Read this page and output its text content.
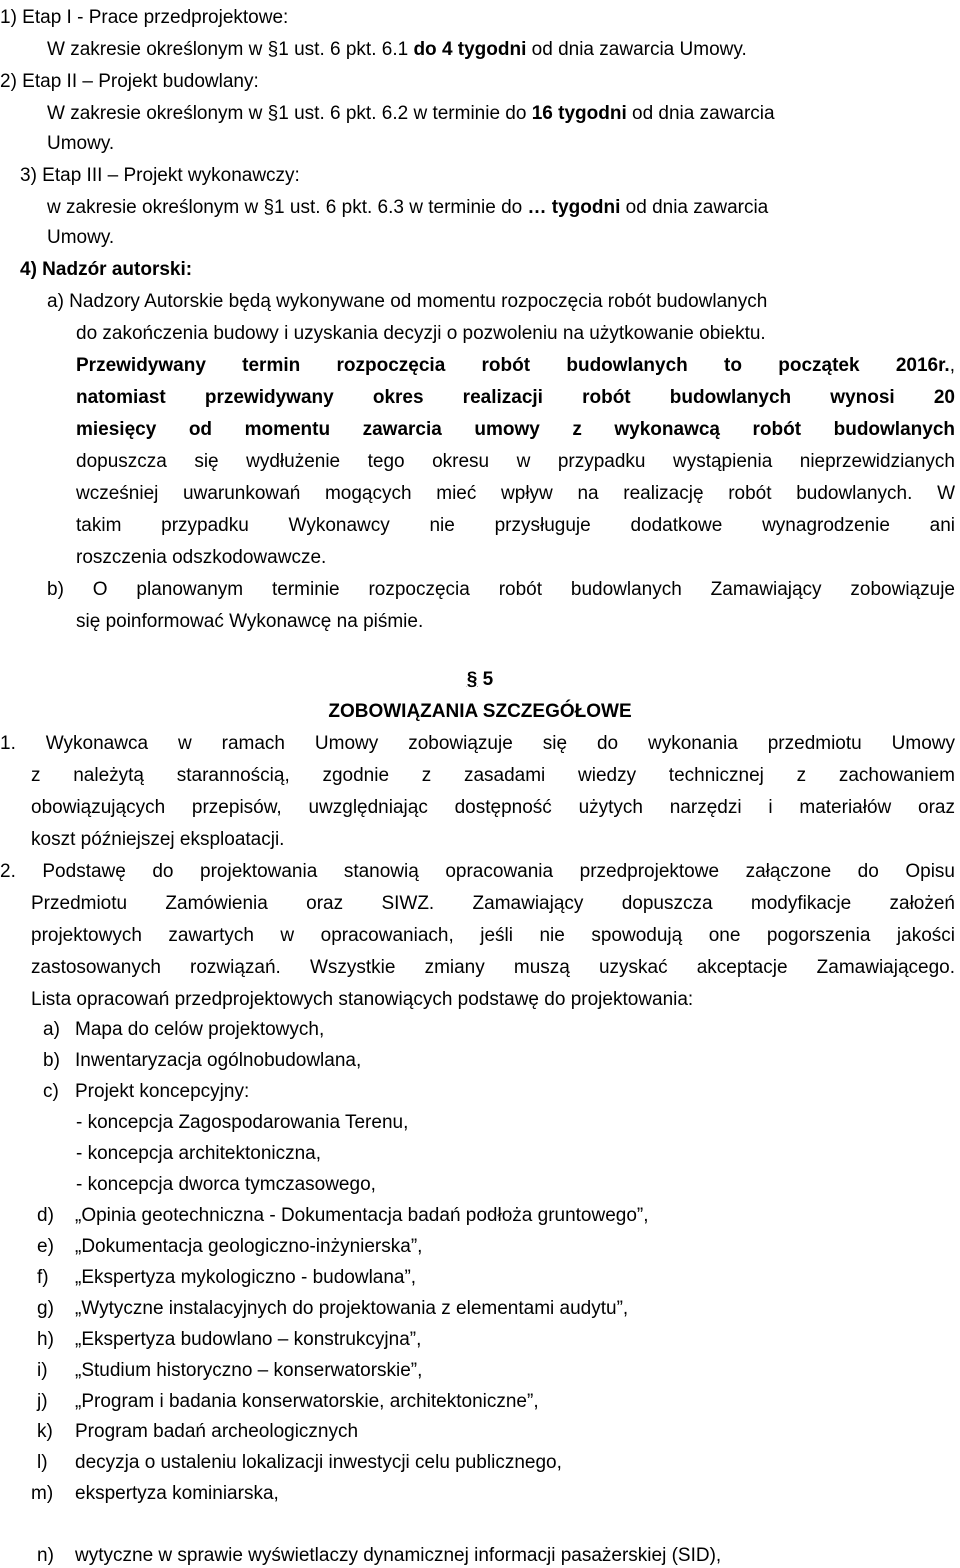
1) Etap I - Prace przedprojektowe:
W zakresie określonym w §1 ust. 6 pkt. 6.1 do 4 tygodni od dnia zawarcia Umowy.
2) Etap II – Projekt budowlany:
W zakresie określonym w §1 ust. 6 pkt. 6.2 w terminie do 16 tygodni od dnia zawarcia
Umowy.
3) Etap III – Projekt wykonawczy:
w zakresie określonym w §1 ust. 6 pkt. 6.3 w terminie do … tygodni od dnia zawarcia
Umowy.
4) Nadzór autorski:
a) Nadzory Autorskie będą wykonywane od momentu rozpoczęcia robót budowlanych
do zakończenia budowy i uzyskania decyzji o pozwoleniu na użytkowanie obiektu.
Przewidywany termin rozpoczęcia robót budowlanych to początek 2016r.,
natomiast przewidywany okres realizacji robót budowlanych wynosi 20
miesięcy od momentu zawarcia umowy z wykonawcą robót budowlanych
dopuszcza się wydłużenie tego okresu w przypadku wystąpienia nieprzewidzianych
wcześniej uwarunkowań mogących mieć wpływ na realizację robót budowlanych. W
takim przypadku Wykonawcy nie przysługuje dodatkowe wynagrodzenie ani
roszczenia odszkodowawcze.
b) O planowanym terminie rozpoczęcia robót budowlanych Zamawiający zobowiązuje
się poinformować Wykonawcę na piśmie.
§ 5
ZOBOWIĄZANIA SZCZEGÓŁOWE
1. Wykonawca w ramach Umowy zobowiązuje się do wykonania przedmiotu Umowy
z należytą starannością, zgodnie z zasadami wiedzy technicznej z zachowaniem
obowiązujących przepisów, uwzględniając dostępność użytych narzędzi i materiałów oraz
koszt późniejszej eksploatacji.
2. Podstawę do projektowania stanowią opracowania przedprojektowe załączone do Opisu
Przedmiotu Zamówienia oraz SIWZ. Zamawiający dopuszcza modyfikacje założeń
projektowych zawartych w opracowaniach, jeśli nie spowodują one pogorszenia jakości
zastosowanych rozwiązań. Wszystkie zmiany muszą uzyskać akceptacje Zamawiającego.
Lista opracowań przedprojektowych stanowiących podstawę do projektowania:
a) Mapa do celów projektowych,
b) Inwentaryzacja ogólnobudowlana,
c) Projekt koncepcyjny:
- koncepcja Zagospodarowania Terenu,
- koncepcja architektoniczna,
- koncepcja dworca tymczasowego,
d) „Opinia geotechniczna - Dokumentacja badań podłoża gruntowego”,
e) „Dokumentacja geologiczno-inżynierska”,
f) „Ekspertyza mykologiczno - budowlana”,
g) „Wytyczne instalacyjnych do projektowania z elementami audytu”,
h) „Ekspertyza budowlano – konstrukcyjna”,
i) „Studium historyczno – konserwatorskie”,
j) „Program i badania konserwatorskie, architektoniczne”,
k) Program badań archeologicznych
l) decyzja o ustaleniu lokalizacji inwestycji celu publicznego,
m) ekspertyza kominiarska,
n) wytyczne w sprawie wyświetlaczy dynamicznej informacji pasażerskiej (SID),
